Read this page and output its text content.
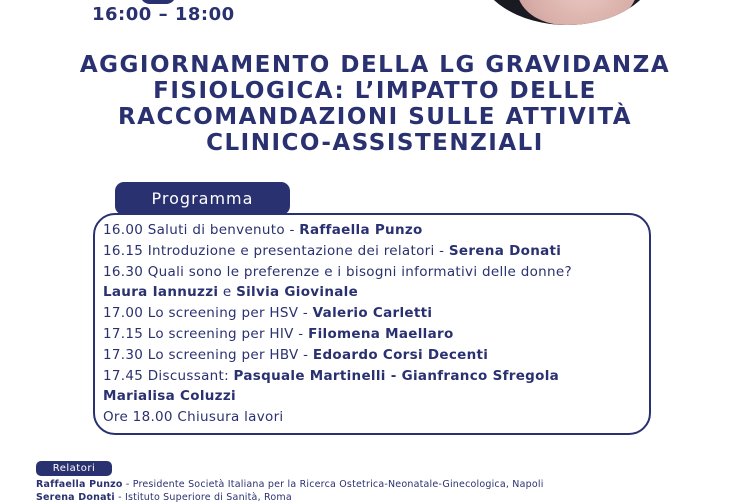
16:00 – 18:00
AGGIORNAMENTO DELLA LG GRAVIDANZA
FISIOLOGICA: L’IMPATTO DELLE
RACCOMANDAZIONI SULLE ATTIVITÀ
CLINICO-ASSISTENZIALI
Programma
16.00 Saluti di benvenuto - Raffaella Punzo
16.15 Introduzione e presentazione dei relatori - Serena Donati
16.30 Quali sono le preferenze e i bisogni informativi delle donne?
Laura Iannuzzi e Silvia Giovinale
17.00 Lo screening per HSV - Valerio Carletti
17.15 Lo screening per HIV - Filomena Maellaro
17.30 Lo screening per HBV - Edoardo Corsi Decenti
17.45 Discussant: Pasquale Martinelli - Gianfranco Sfregola
Marialisa Coluzzi
Ore 18.00 Chiusura lavori
Relatori
Raffaella Punzo - Presidente Società Italiana per la Ricerca Ostetrica-Neonatale-Ginecologica, Napoli
Serena Donati - Istituto Superiore di Sanità, Roma
